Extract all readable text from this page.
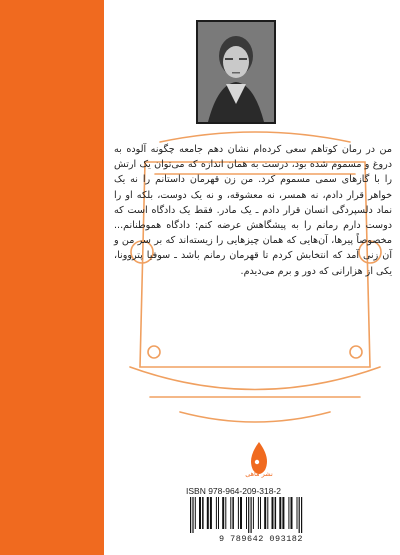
من در رمان کوتاهم سعی کرده‌ام نشان دهم جامعه چگونه آلوده به دروغ و مسموم شده بود، درست به همان اندازه که می‌توان یک ارتش را با گازهای سمی مسموم کرد. من زن قهرمان داستانم را نه یک خواهر قرار دادم، نه همسر، نه معشوقه، و نه یک دوست، بلکه او را نماد دلسپردگی انسان قرار دادم ـ یک مادر. فقط یک دادگاه است که دوست دارم رمانم را به پیشگاهش عرضه کنم: دادگاه هموطنانم... مخصوصاً پیرها، آن‌هایی که همان چیزهایی را زیسته‌اند که بر سر من و آن زنی آمد که انتخابش کردم تا قهرمان رمانم باشد ـ سوفیا پتروونا، یکی از هزارانی که دور و برم می‌دیدم.

نشر ماهی
ISBN 978-964-209-318-2
9 789642 093182
